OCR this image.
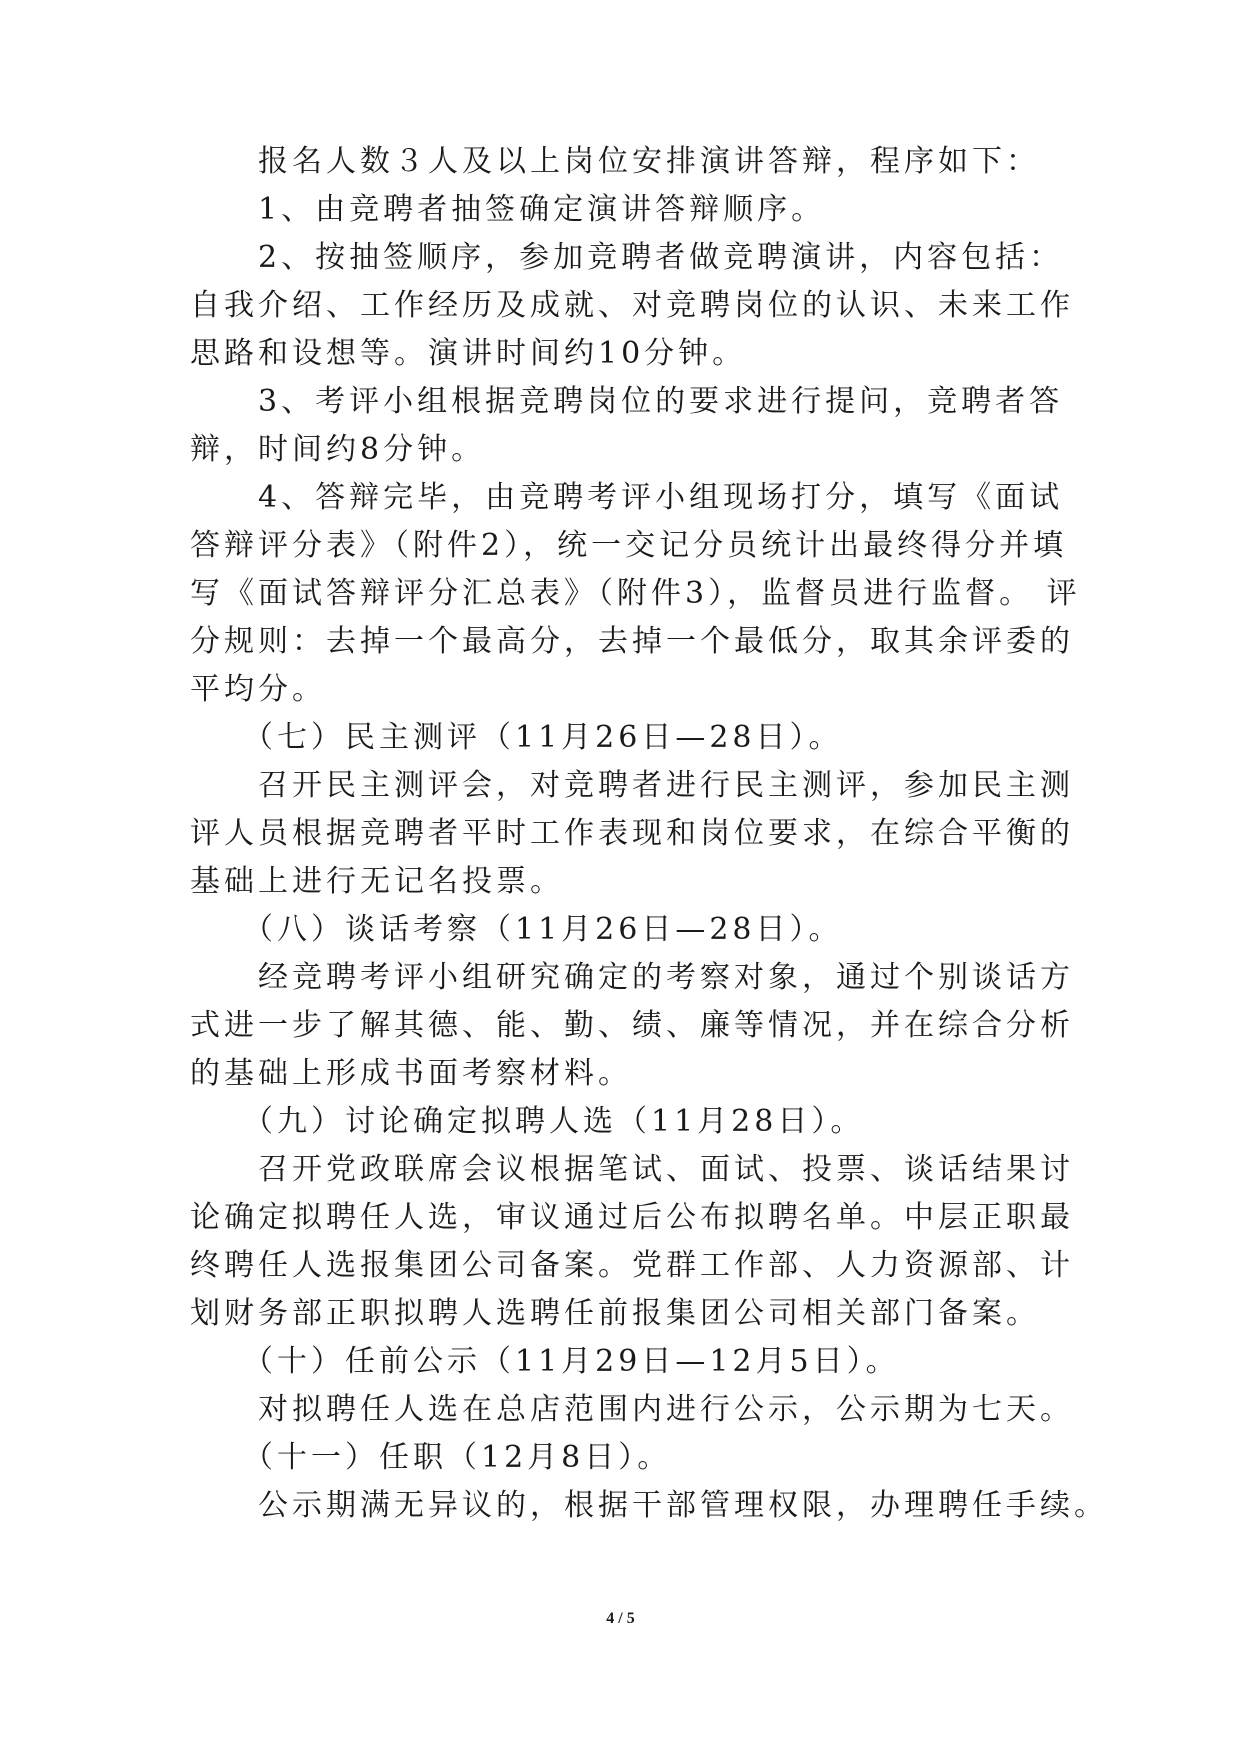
　　报名人数３人及以上岗位安排演讲答辩，程序如下：
　　1、由竞聘者抽签确定演讲答辩顺序。
　　2、按抽签顺序，参加竞聘者做竞聘演讲，内容包括：
自我介绍、工作经历及成就、对竞聘岗位的认识、未来工作
思路和设想等。演讲时间约10分钟。
　　3、考评小组根据竞聘岗位的要求进行提问，竞聘者答
辩，时间约8分钟。
　　4、答辩完毕，由竞聘考评小组现场打分，填写《面试
答辩评分表》（附件2），统一交记分员统计出最终得分并填
写《面试答辩评分汇总表》（附件3），监督员进行监督。 评
分规则：去掉一个最高分，去掉一个最低分，取其余评委的
平均分。
　　（七）民主测评（11月26日—28日）。
　　召开民主测评会，对竞聘者进行民主测评，参加民主测
评人员根据竞聘者平时工作表现和岗位要求，在综合平衡的
基础上进行无记名投票。
　　（八）谈话考察（11月26日—28日）。
　　经竞聘考评小组研究确定的考察对象，通过个别谈话方
式进一步了解其德、能、勤、绩、廉等情况，并在综合分析
的基础上形成书面考察材料。
　　（九）讨论确定拟聘人选（11月28日）。
　　召开党政联席会议根据笔试、面试、投票、谈话结果讨
论确定拟聘任人选，审议通过后公布拟聘名单。中层正职最
终聘任人选报集团公司备案。党群工作部、人力资源部、计
划财务部正职拟聘人选聘任前报集团公司相关部门备案。
　　（十）任前公示（11月29日—12月5日）。
　　对拟聘任人选在总店范围内进行公示，公示期为七天。
　　（十一）任职（12月8日）。
　　公示期满无异议的，根据干部管理权限，办理聘任手续。
4 / 5
